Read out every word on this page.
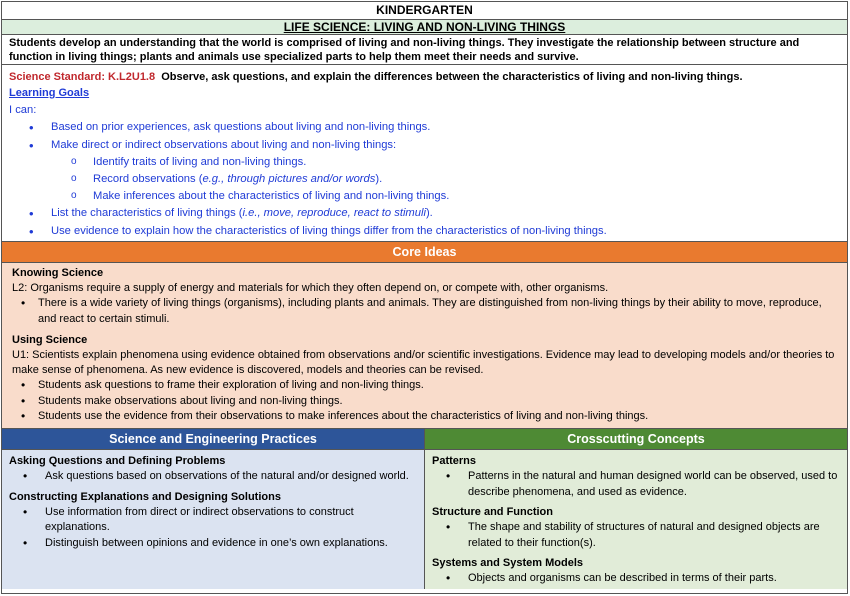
KINDERGARTEN
LIFE SCIENCE: LIVING AND NON-LIVING THINGS
Students develop an understanding that the world is comprised of living and non-living things. They investigate the relationship between structure and function in living things; plants and animals use specialized parts to help them meet their needs and survive.
Science Standard: K.L2U1.8 Observe, ask questions, and explain the differences between the characteristics of living and non-living things.
Learning Goals
I can:
• Based on prior experiences, ask questions about living and non-living things.
• Make direct or indirect observations about living and non-living things:
o Identify traits of living and non-living things.
o Record observations (e.g., through pictures and/or words).
o Make inferences about the characteristics of living and non-living things.
• List the characteristics of living things (i.e., move, reproduce, react to stimuli).
• Use evidence to explain how the characteristics of living things differ from the characteristics of non-living things.
Core Ideas
Knowing Science
L2: Organisms require a supply of energy and materials for which they often depend on, or compete with, other organisms.
• There is a wide variety of living things (organisms), including plants and animals. They are distinguished from non-living things by their ability to move, reproduce, and react to certain stimuli.
Using Science
U1: Scientists explain phenomena using evidence obtained from observations and/or scientific investigations. Evidence may lead to developing models and/or theories to make sense of phenomena. As new evidence is discovered, models and theories can be revised.
• Students ask questions to frame their exploration of living and non-living things.
• Students make observations about living and non-living things.
• Students use the evidence from their observations to make inferences about the characteristics of living and non-living things.
Science and Engineering Practices
Asking Questions and Defining Problems
• Ask questions based on observations of the natural and/or designed world.
Constructing Explanations and Designing Solutions
• Use information from direct or indirect observations to construct explanations.
• Distinguish between opinions and evidence in one’s own explanations.
Crosscutting Concepts
Patterns
• Patterns in the natural and human designed world can be observed, used to describe phenomena, and used as evidence.
Structure and Function
• The shape and stability of structures of natural and designed objects are related to their function(s).
Systems and System Models
• Objects and organisms can be described in terms of their parts.
